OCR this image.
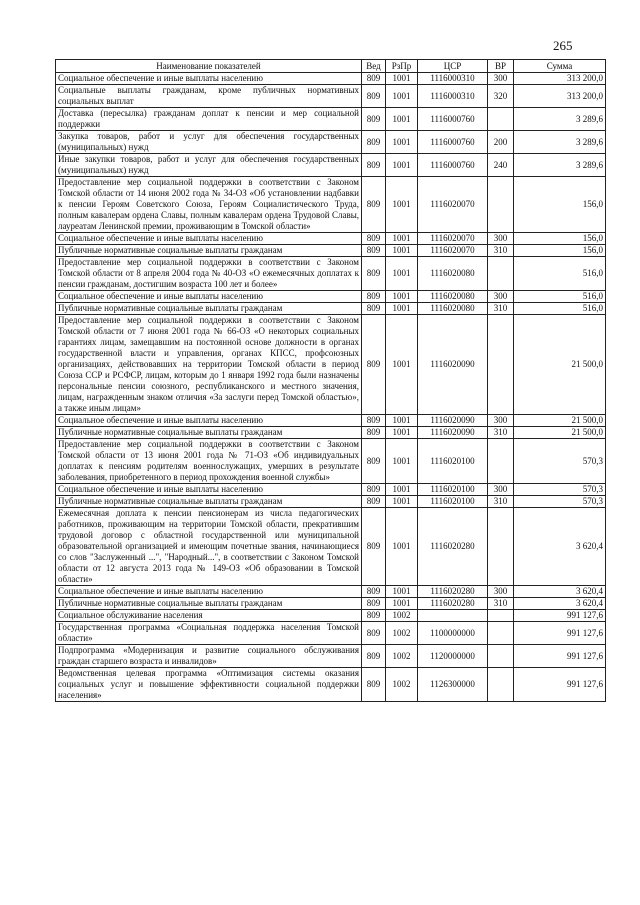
265
Наименование показателей	Вед	РзПр	ЦСР	ВР	Сумма
Социальное обеспечение и иные выплаты населению	809	1001	1116000310	300	313 200,0
Социальные выплаты гражданам, кроме публичных нормативных социальных выплат	809	1001	1116000310	320	313 200,0
Доставка (пересылка) гражданам доплат к пенсии и мер социальной поддержки	809	1001	1116000760		3 289,6
Закупка товаров, работ и услуг для обеспечения государственных (муниципальных) нужд	809	1001	1116000760	200	3 289,6
Иные закупки товаров, работ и услуг для обеспечения государственных (муниципальных) нужд	809	1001	1116000760	240	3 289,6
Предоставление мер социальной поддержки в соответствии с Законом Томской области от 14 июня 2002 года № 34-ОЗ «Об установлении надбавки к пенсии Героям Советского Союза, Героям Социалистического Труда, полным кавалерам ордена Славы, полным кавалерам ордена Трудовой Славы, лауреатам Ленинской премии, проживающим в Томской области»	809	1001	1116020070		156,0
Социальное обеспечение и иные выплаты населению	809	1001	1116020070	300	156,0
Публичные нормативные социальные выплаты гражданам	809	1001	1116020070	310	156,0
Предоставление мер социальной поддержки в соответствии с Законом Томской области от 8 апреля 2004 года № 40-ОЗ «О ежемесячных доплатах к пенсии гражданам, достигшим возраста 100 лет и более»	809	1001	1116020080		516,0
Социальное обеспечение и иные выплаты населению	809	1001	1116020080	300	516,0
Публичные нормативные социальные выплаты гражданам	809	1001	1116020080	310	516,0
Предоставление мер социальной поддержки в соответствии с Законом Томской области от 7 июня 2001 года № 66-ОЗ «О некоторых социальных гарантиях лицам, замещавшим на постоянной основе должности в органах государственной власти и управления, органах КПСС, профсоюзных организациях, действовавших на территории Томской области в период Союза ССР и РСФСР, лицам, которым до 1 января 1992 года были назначены персональные пенсии союзного, республиканского и местного значения, лицам, награжденным знаком отличия «За заслуги перед Томской областью», а также иным лицам»	809	1001	1116020090		21 500,0
Социальное обеспечение и иные выплаты населению	809	1001	1116020090	300	21 500,0
Публичные нормативные социальные выплаты гражданам	809	1001	1116020090	310	21 500,0
Предоставление мер социальной поддержки в соответствии с Законом Томской области от 13 июня 2001 года № 71-ОЗ «Об индивидуальных доплатах к пенсиям родителям военнослужащих, умерших в результате заболевания, приобретенного в период прохождения военной службы»	809	1001	1116020100		570,3
Социальное обеспечение и иные выплаты населению	809	1001	1116020100	300	570,3
Публичные нормативные социальные выплаты гражданам	809	1001	1116020100	310	570,3
Ежемесячная доплата к пенсии пенсионерам из числа педагогических работников, проживающим на территории Томской области, прекратившим трудовой договор с областной государственной или муниципальной образовательной организацией и имеющим почетные звания, начинающиеся со слов "Заслуженный ...", "Народный...", в соответствии с Законом Томской области от 12 августа 2013 года № 149-ОЗ «Об образовании в Томской области»	809	1001	1116020280		3 620,4
Социальное обеспечение и иные выплаты населению	809	1001	1116020280	300	3 620,4
Публичные нормативные социальные выплаты гражданам	809	1001	1116020280	310	3 620,4
Социальное обслуживание населения	809	1002			991 127,6
Государственная программа «Социальная поддержка населения Томской области»	809	1002	1100000000		991 127,6
Подпрограмма «Модернизация и развитие социального обслуживания граждан старшего возраста и инвалидов»	809	1002	1120000000		991 127,6
Ведомственная целевая программа «Оптимизация системы оказания социальных услуг и повышение эффективности социальной поддержки населения»	809	1002	1126300000		991 127,6
